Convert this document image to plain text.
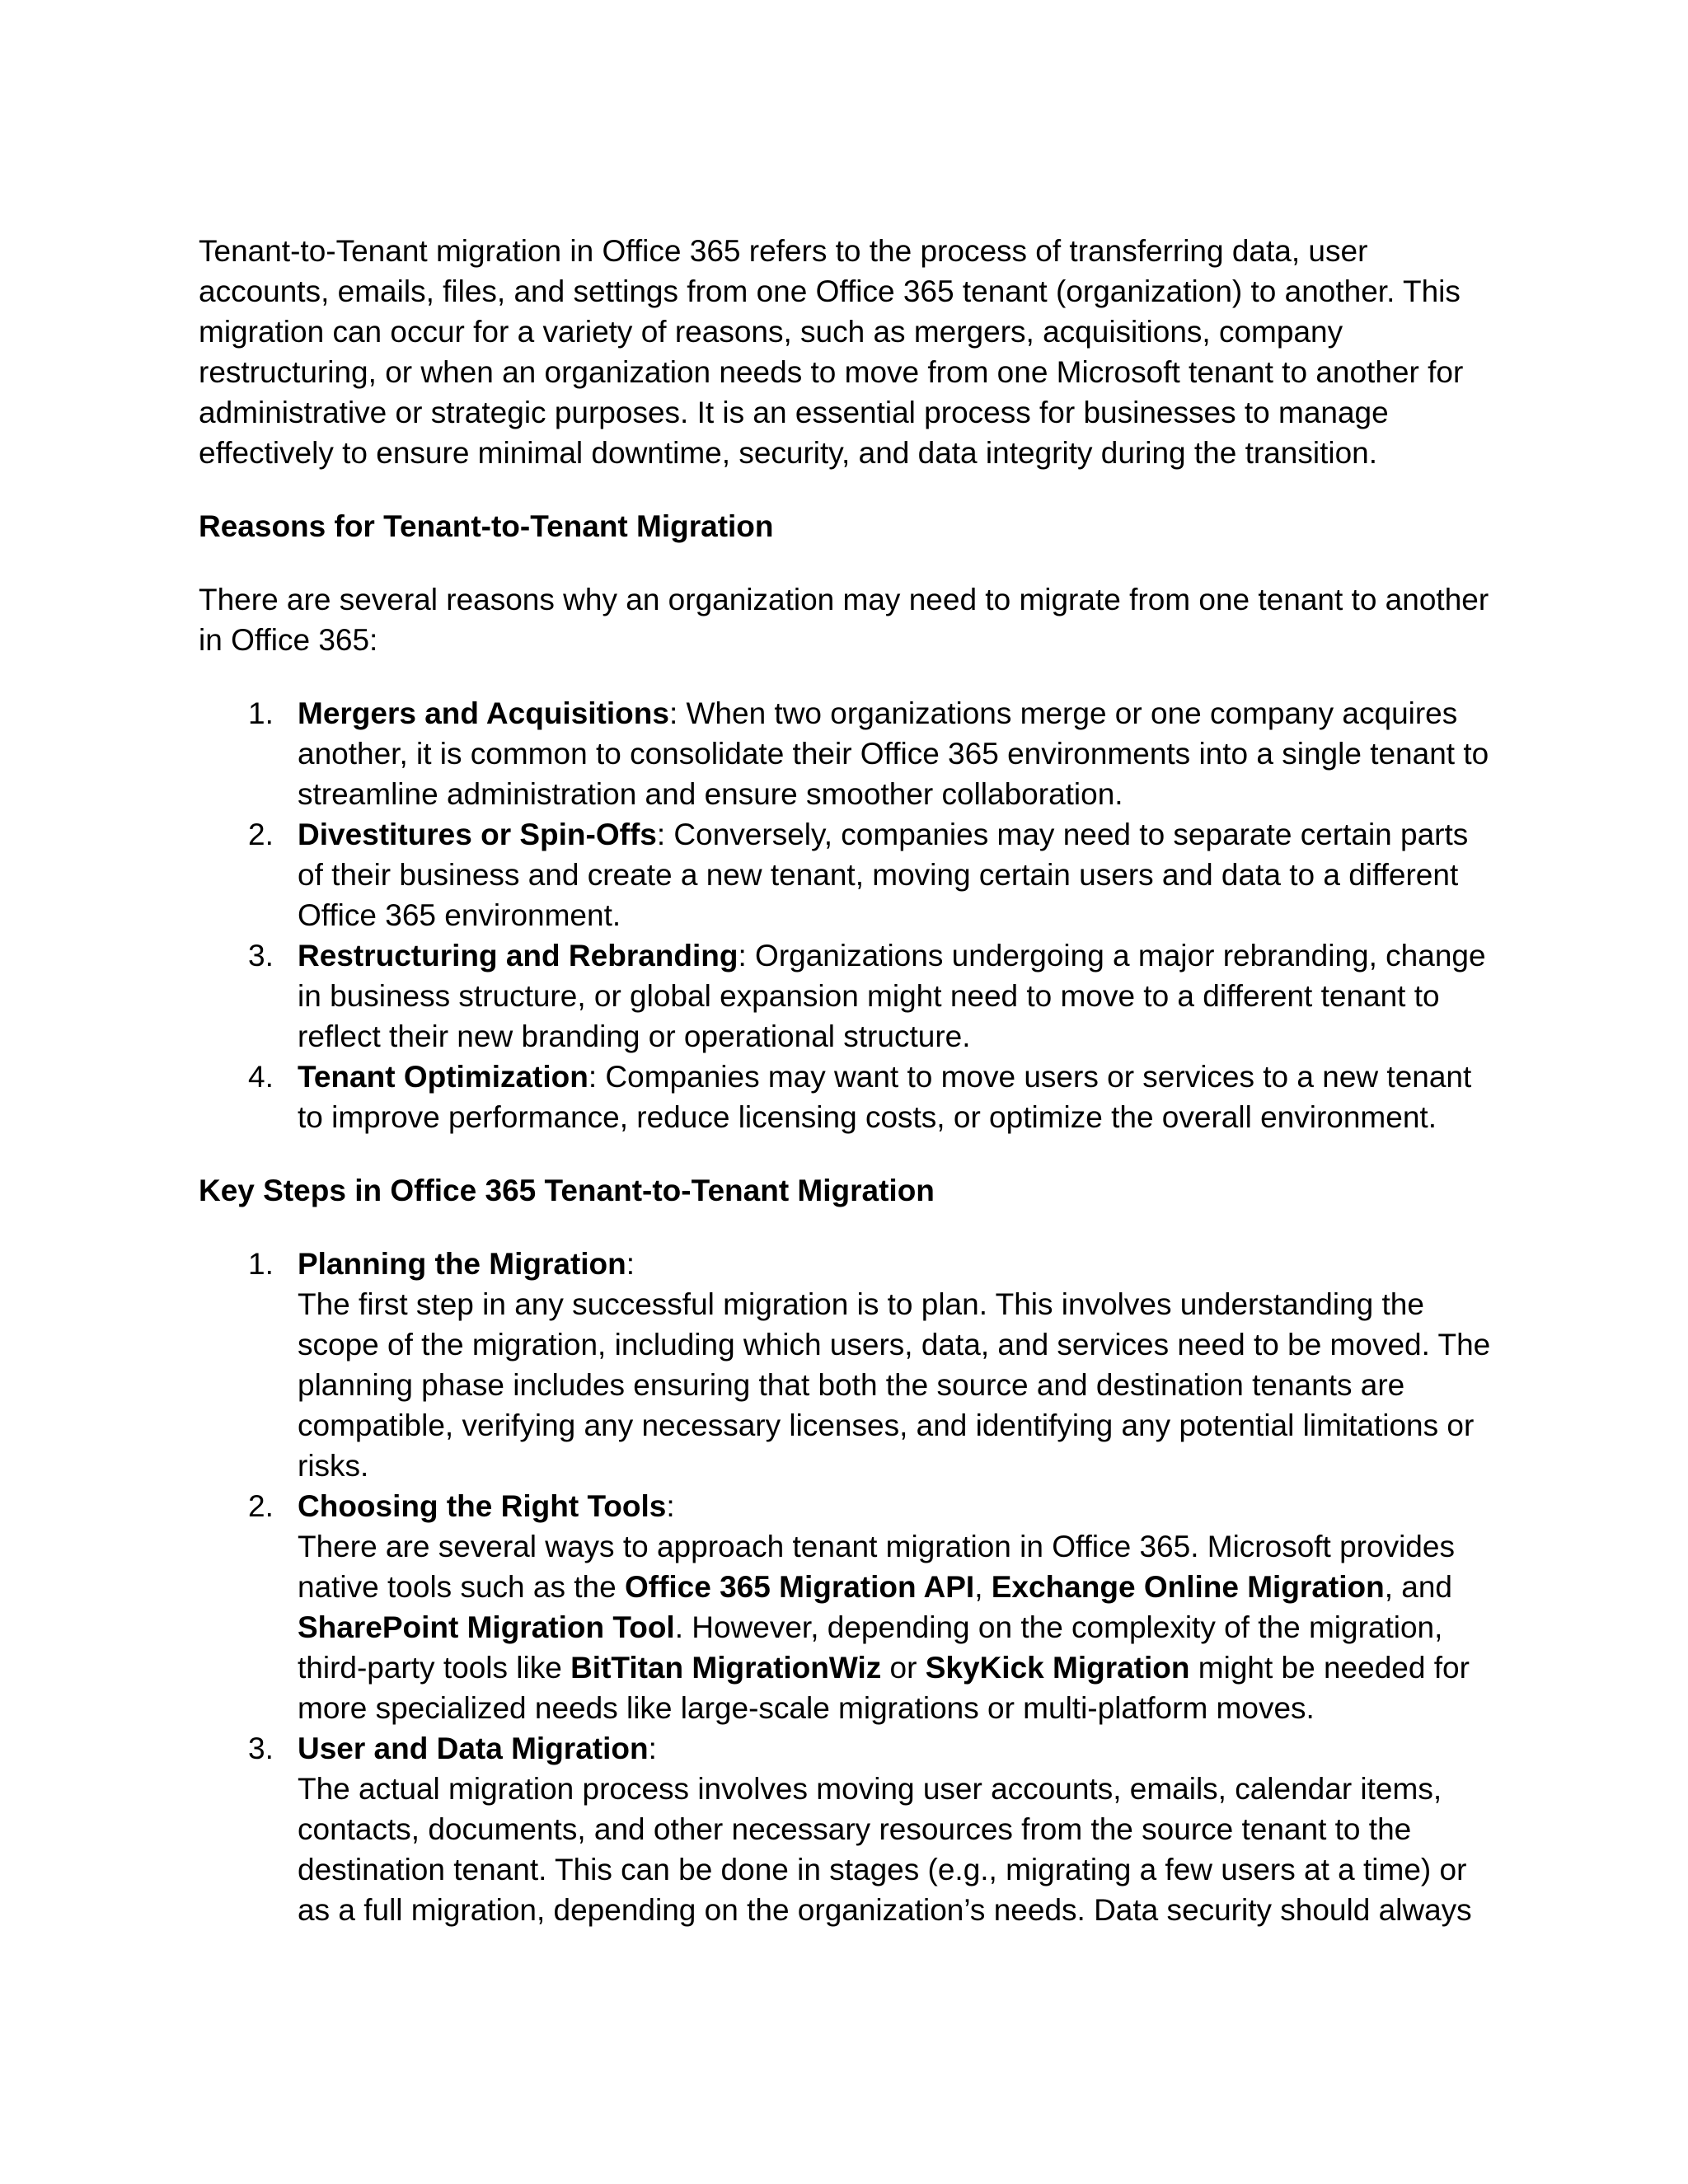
Tenant-to-Tenant migration in Office 365 refers to the process of transferring data, user accounts, emails, files, and settings from one Office 365 tenant (organization) to another. This migration can occur for a variety of reasons, such as mergers, acquisitions, company restructuring, or when an organization needs to move from one Microsoft tenant to another for administrative or strategic purposes. It is an essential process for businesses to manage effectively to ensure minimal downtime, security, and data integrity during the transition.

Reasons for Tenant-to-Tenant Migration

There are several reasons why an organization may need to migrate from one tenant to another in Office 365:

1. Mergers and Acquisitions: When two organizations merge or one company acquires another, it is common to consolidate their Office 365 environments into a single tenant to streamline administration and ensure smoother collaboration.
2. Divestitures or Spin-Offs: Conversely, companies may need to separate certain parts of their business and create a new tenant, moving certain users and data to a different Office 365 environment.
3. Restructuring and Rebranding: Organizations undergoing a major rebranding, change in business structure, or global expansion might need to move to a different tenant to reflect their new branding or operational structure.
4. Tenant Optimization: Companies may want to move users or services to a new tenant to improve performance, reduce licensing costs, or optimize the overall environment.

Key Steps in Office 365 Tenant-to-Tenant Migration

1. Planning the Migration:
The first step in any successful migration is to plan. This involves understanding the scope of the migration, including which users, data, and services need to be moved. The planning phase includes ensuring that both the source and destination tenants are compatible, verifying any necessary licenses, and identifying any potential limitations or risks.
2. Choosing the Right Tools:
There are several ways to approach tenant migration in Office 365. Microsoft provides native tools such as the Office 365 Migration API, Exchange Online Migration, and SharePoint Migration Tool. However, depending on the complexity of the migration, third-party tools like BitTitan MigrationWiz or SkyKick Migration might be needed for more specialized needs like large-scale migrations or multi-platform moves.
3. User and Data Migration:
The actual migration process involves moving user accounts, emails, calendar items, contacts, documents, and other necessary resources from the source tenant to the destination tenant. This can be done in stages (e.g., migrating a few users at a time) or as a full migration, depending on the organization’s needs. Data security should always
